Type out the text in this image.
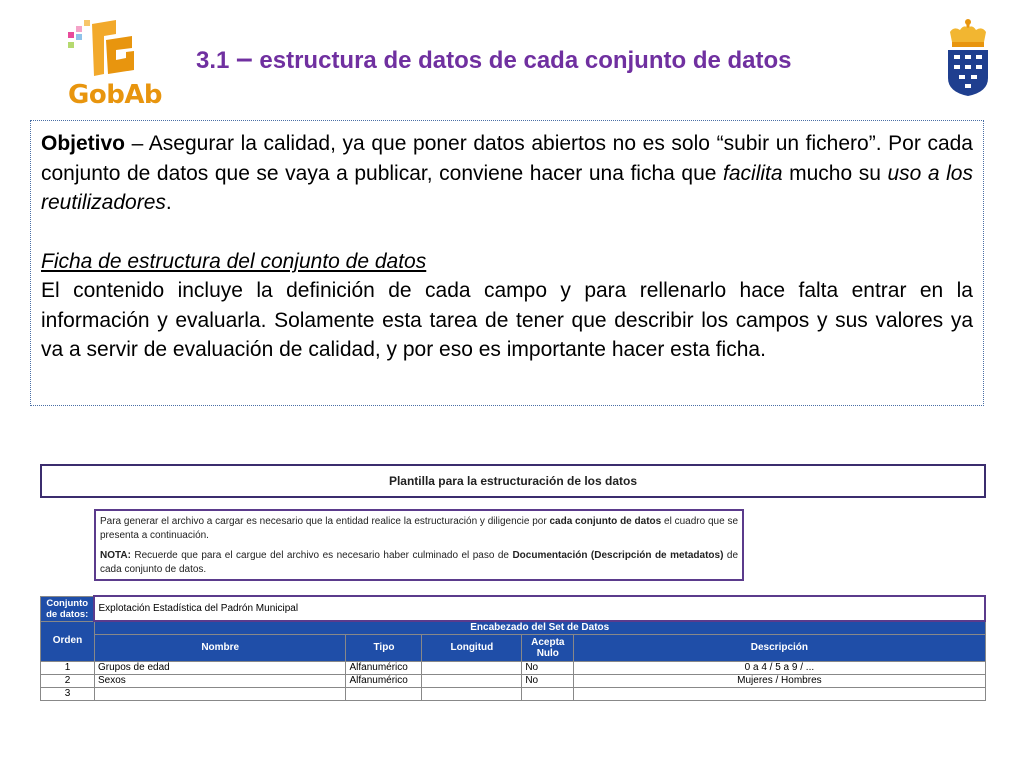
GobAb
3.1 – estructura de datos de cada conjunto de datos

Objetivo – Asegurar la calidad, ya que poner datos abiertos no es solo “subir un fichero”. Por cada conjunto de datos que se vaya a publicar, conviene hacer una ficha que facilita mucho su uso a los reutilizadores.

Ficha de estructura del conjunto de datos

El contenido incluye la definición de cada campo y para rellenarlo hace falta entrar en la información y evaluarla. Solamente esta tarea de tener que describir los campos y sus valores ya va a servir de evaluación de calidad, y por eso es importante hacer esta ficha.

Plantilla para la estructuración de los datos

Para generar el archivo a cargar es necesario que la entidad realice la estructuración y diligencie por cada conjunto de datos el cuadro que se presenta a continuación.

NOTA: Recuerde que para el cargue del archivo es necesario haber culminado el paso de Documentación (Descripción de metadatos) de cada conjunto de datos.

Conjunto de datos:	Explotación Estadística del Padrón Municipal				
Orden	Encabezado del Set de Datos				
	Nombre	Tipo	Longitud	Acepta Nulo	Descripción
1	Grupos de edad	Alfanumérico		No	0 a 4 / 5 a 9 / ...
2	Sexos	Alfanumérico		No	Mujeres / Hombres
3					
